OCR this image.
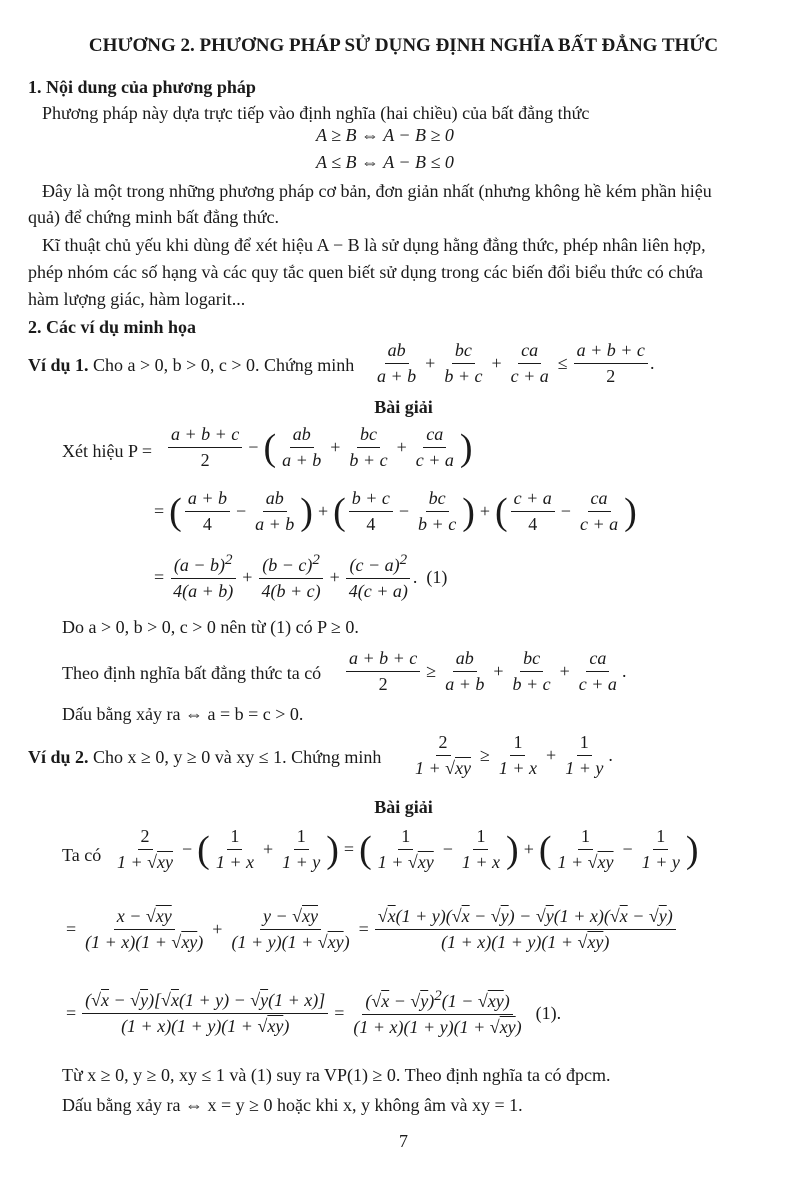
CHƯƠNG 2. PHƯƠNG PHÁP SỬ DỤNG ĐỊNH NGHĨA BẤT ĐẲNG THỨC
1. Nội dung của phương pháp
Phương pháp này dựa trực tiếp vào định nghĩa (hai chiều) của bất đẳng thức
A ≥ B ⇔ A − B ≥ 0
A ≤ B ⇔ A − B ≤ 0
Đây là một trong những phương pháp cơ bản, đơn giản nhất (nhưng không hề kém phần hiệu
quả) để chứng minh bất đẳng thức.
Kĩ thuật chủ yếu khi dùng để xét hiệu A − B là sử dụng hằng đẳng thức, phép nhân liên hợp,
phép nhóm các số hạng và các quy tắc quen biết sử dụng trong các biến đổi biểu thức có chứa
hàm lượng giác, hàm logarit...
2. Các ví dụ minh họa
Ví dụ 1. Cho a > 0, b > 0, c > 0. Chứng minh $\frac{ab}{a + b} + \frac{bc}{b + c} + \frac{ca}{c + a} \le \frac{a + b + c}{2}$ .
Bài giải
Xét hiệu $P = \frac{a + b + c}{2}$ − ( $\frac{ab}{a + b} + \frac{bc}{b + c} + \frac{ca}{c + a}$ )
= ( $\frac{a + b}{4} - \frac{ab}{a + b}$ ) + ( $\frac{b + c}{4} - \frac{bc}{b + c}$ ) + ( $\frac{c + a}{4} - \frac{ca}{c + a}$ )
= $\frac{(a - b)^2}{4(a + b)} + \frac{(b - c)^2}{4(b + c)} + \frac{(c - a)^2}{4(c + a)}$ . (1)
Do a > 0, b > 0, c > 0 nên từ (1) có P ≥ 0.
Theo định nghĩa bất đẳng thức ta có $\frac{a + b + c}{2} \ge \frac{ab}{a + b} + \frac{bc}{b + c} + \frac{ca}{c + a}$ .
Dấu bằng xảy ra ⇔ a = b = c > 0.
Ví dụ 2. Cho x ≥ 0, y ≥ 0 và xy ≤ 1. Chứng minh $\frac{2}{1 + √xy} \ge \frac{1}{1 + x} + \frac{1}{1 + y}$ .
Bài giải
Ta có $\frac{2}{1 + √xy}$ − ( $\frac{1}{1 + x} + \frac{1}{1 + y}$ ) = ( $\frac{1}{1 + √xy} - \frac{1}{1 + x}$ ) + ( $\frac{1}{1 + √xy} - \frac{1}{1 + y}$ )
= $\frac{x - √xy}{(1 + x)(1 + √xy)} + \frac{y - √xy}{(1 + y)(1 + √xy)} = \frac{√x(1 + y)(√x - √y) - √y(1 + x)(√x - √y)}{(1 + x)(1 + y)(1 + √xy)}$
= $\frac{(√x - √y)[√x(1 + y) - √y(1 + x)]}{(1 + x)(1 + y)(1 + √xy)} = \frac{(√x - √y)^2(1 - √xy)}{(1 + x)(1 + y)(1 + √xy)}$
(1).
Từ x ≥ 0, y ≥ 0, xy ≤ 1 và (1) suy ra VP(1) ≥ 0. Theo định nghĩa ta có đpcm.
Dấu bằng xảy ra ⇔ x = y ≥ 0 hoặc khi x, y không âm và xy = 1.
7
